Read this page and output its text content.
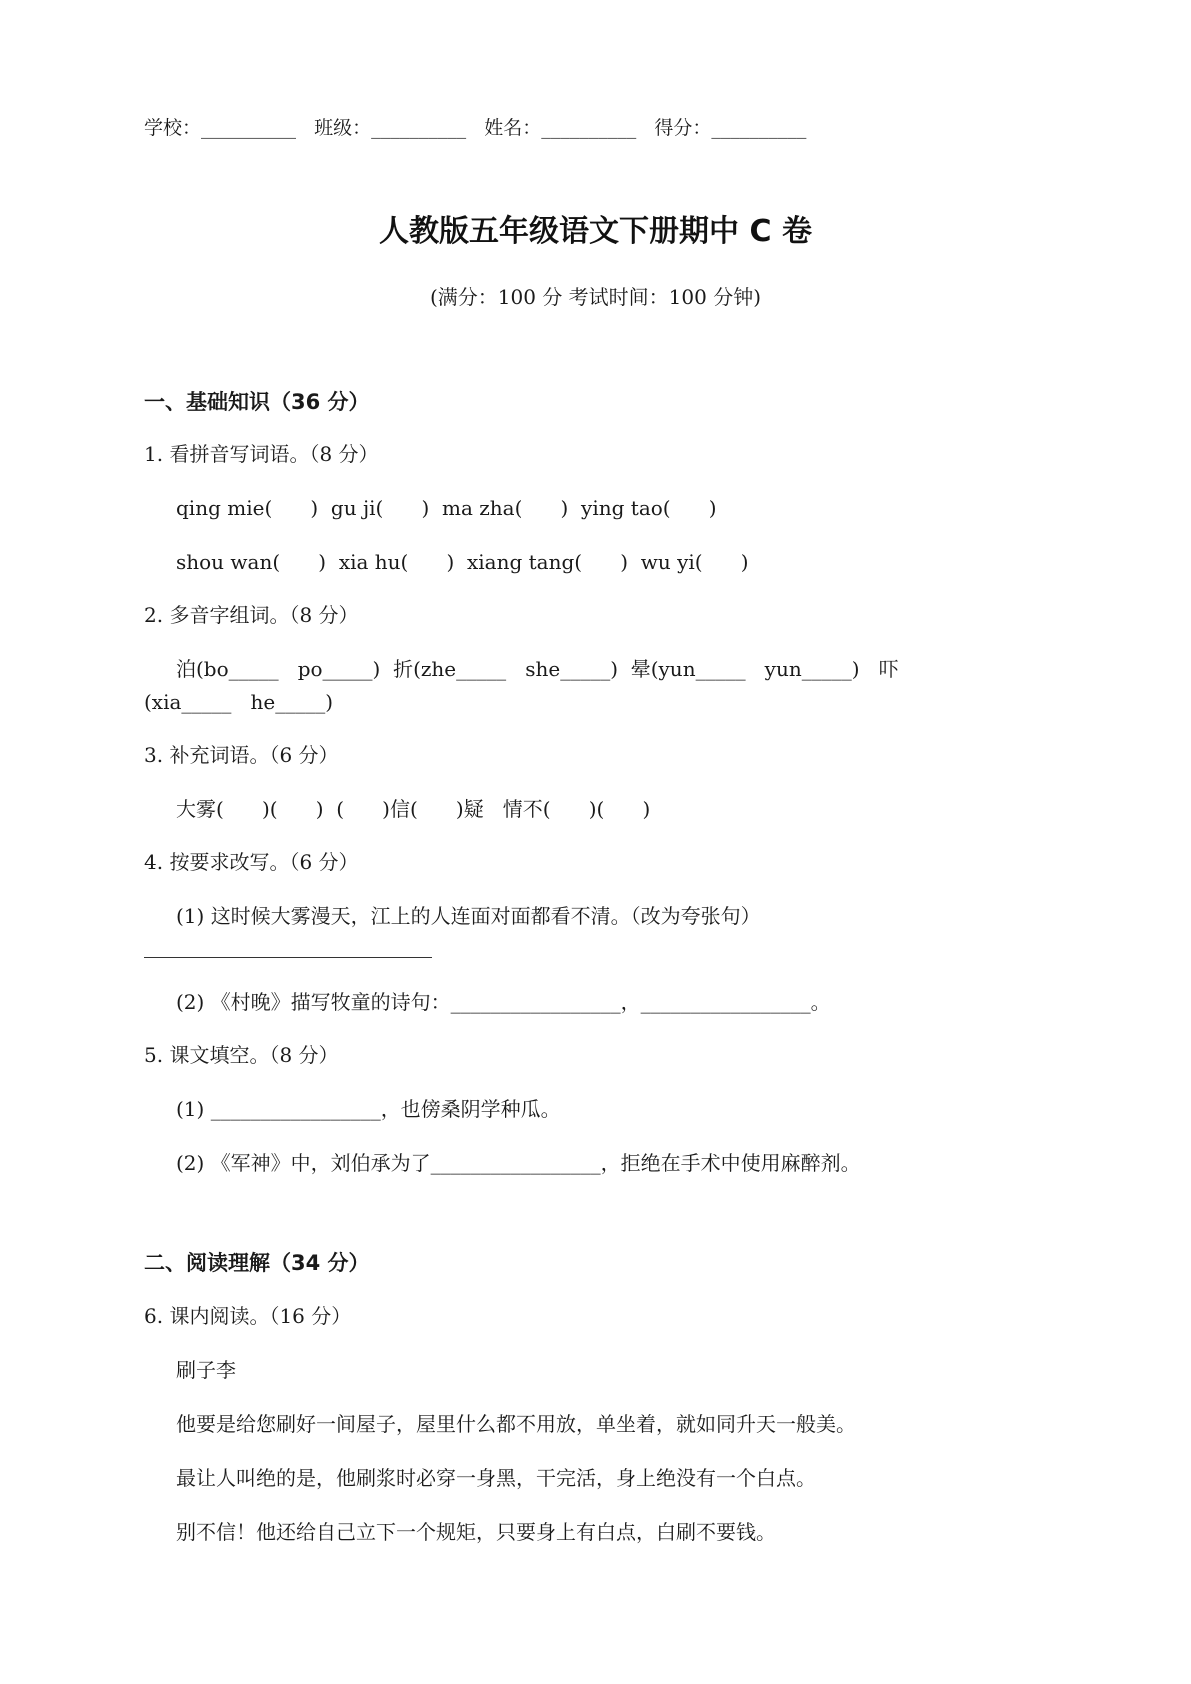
学校：__________   班级：__________   姓名：__________   得分：__________
人教版五年级语文下册期中 C 卷
(满分：100 分 考试时间：100 分钟)
一、基础知识（36 分）
1. 看拼音写词语。（8 分）
qing mie(      )  gu ji(      )  ma zha(      )  ying tao(      )
shou wan(      )  xia hu(      )  xiang tang(      )  wu yi(      )
2. 多音字组词。（8 分）
泊(bo_____   po_____)  折(zhe_____   she_____)  晕(yun_____   yun_____)   吓
(xia_____   he_____)
3. 补充词语。（6 分）
大雾(      )(      )  (      )信(      )疑   情不(      )(      )
4. 按要求改写。（6 分）
(1) 这时候大雾漫天，江上的人连面对面都看不清。（改为夸张句）
(2) 《村晚》描写牧童的诗句：_________________，_________________。
5. 课文填空。（8 分）
(1) _________________，也傍桑阴学种瓜。
(2) 《军神》中，刘伯承为了_________________，拒绝在手术中使用麻醉剂。
二、阅读理解（34 分）
6. 课内阅读。（16 分）
刷子李
他要是给您刷好一间屋子，屋里什么都不用放，单坐着，就如同升天一般美。
最让人叫绝的是，他刷浆时必穿一身黑，干完活，身上绝没有一个白点。
别不信！他还给自己立下一个规矩，只要身上有白点，白刷不要钱。
